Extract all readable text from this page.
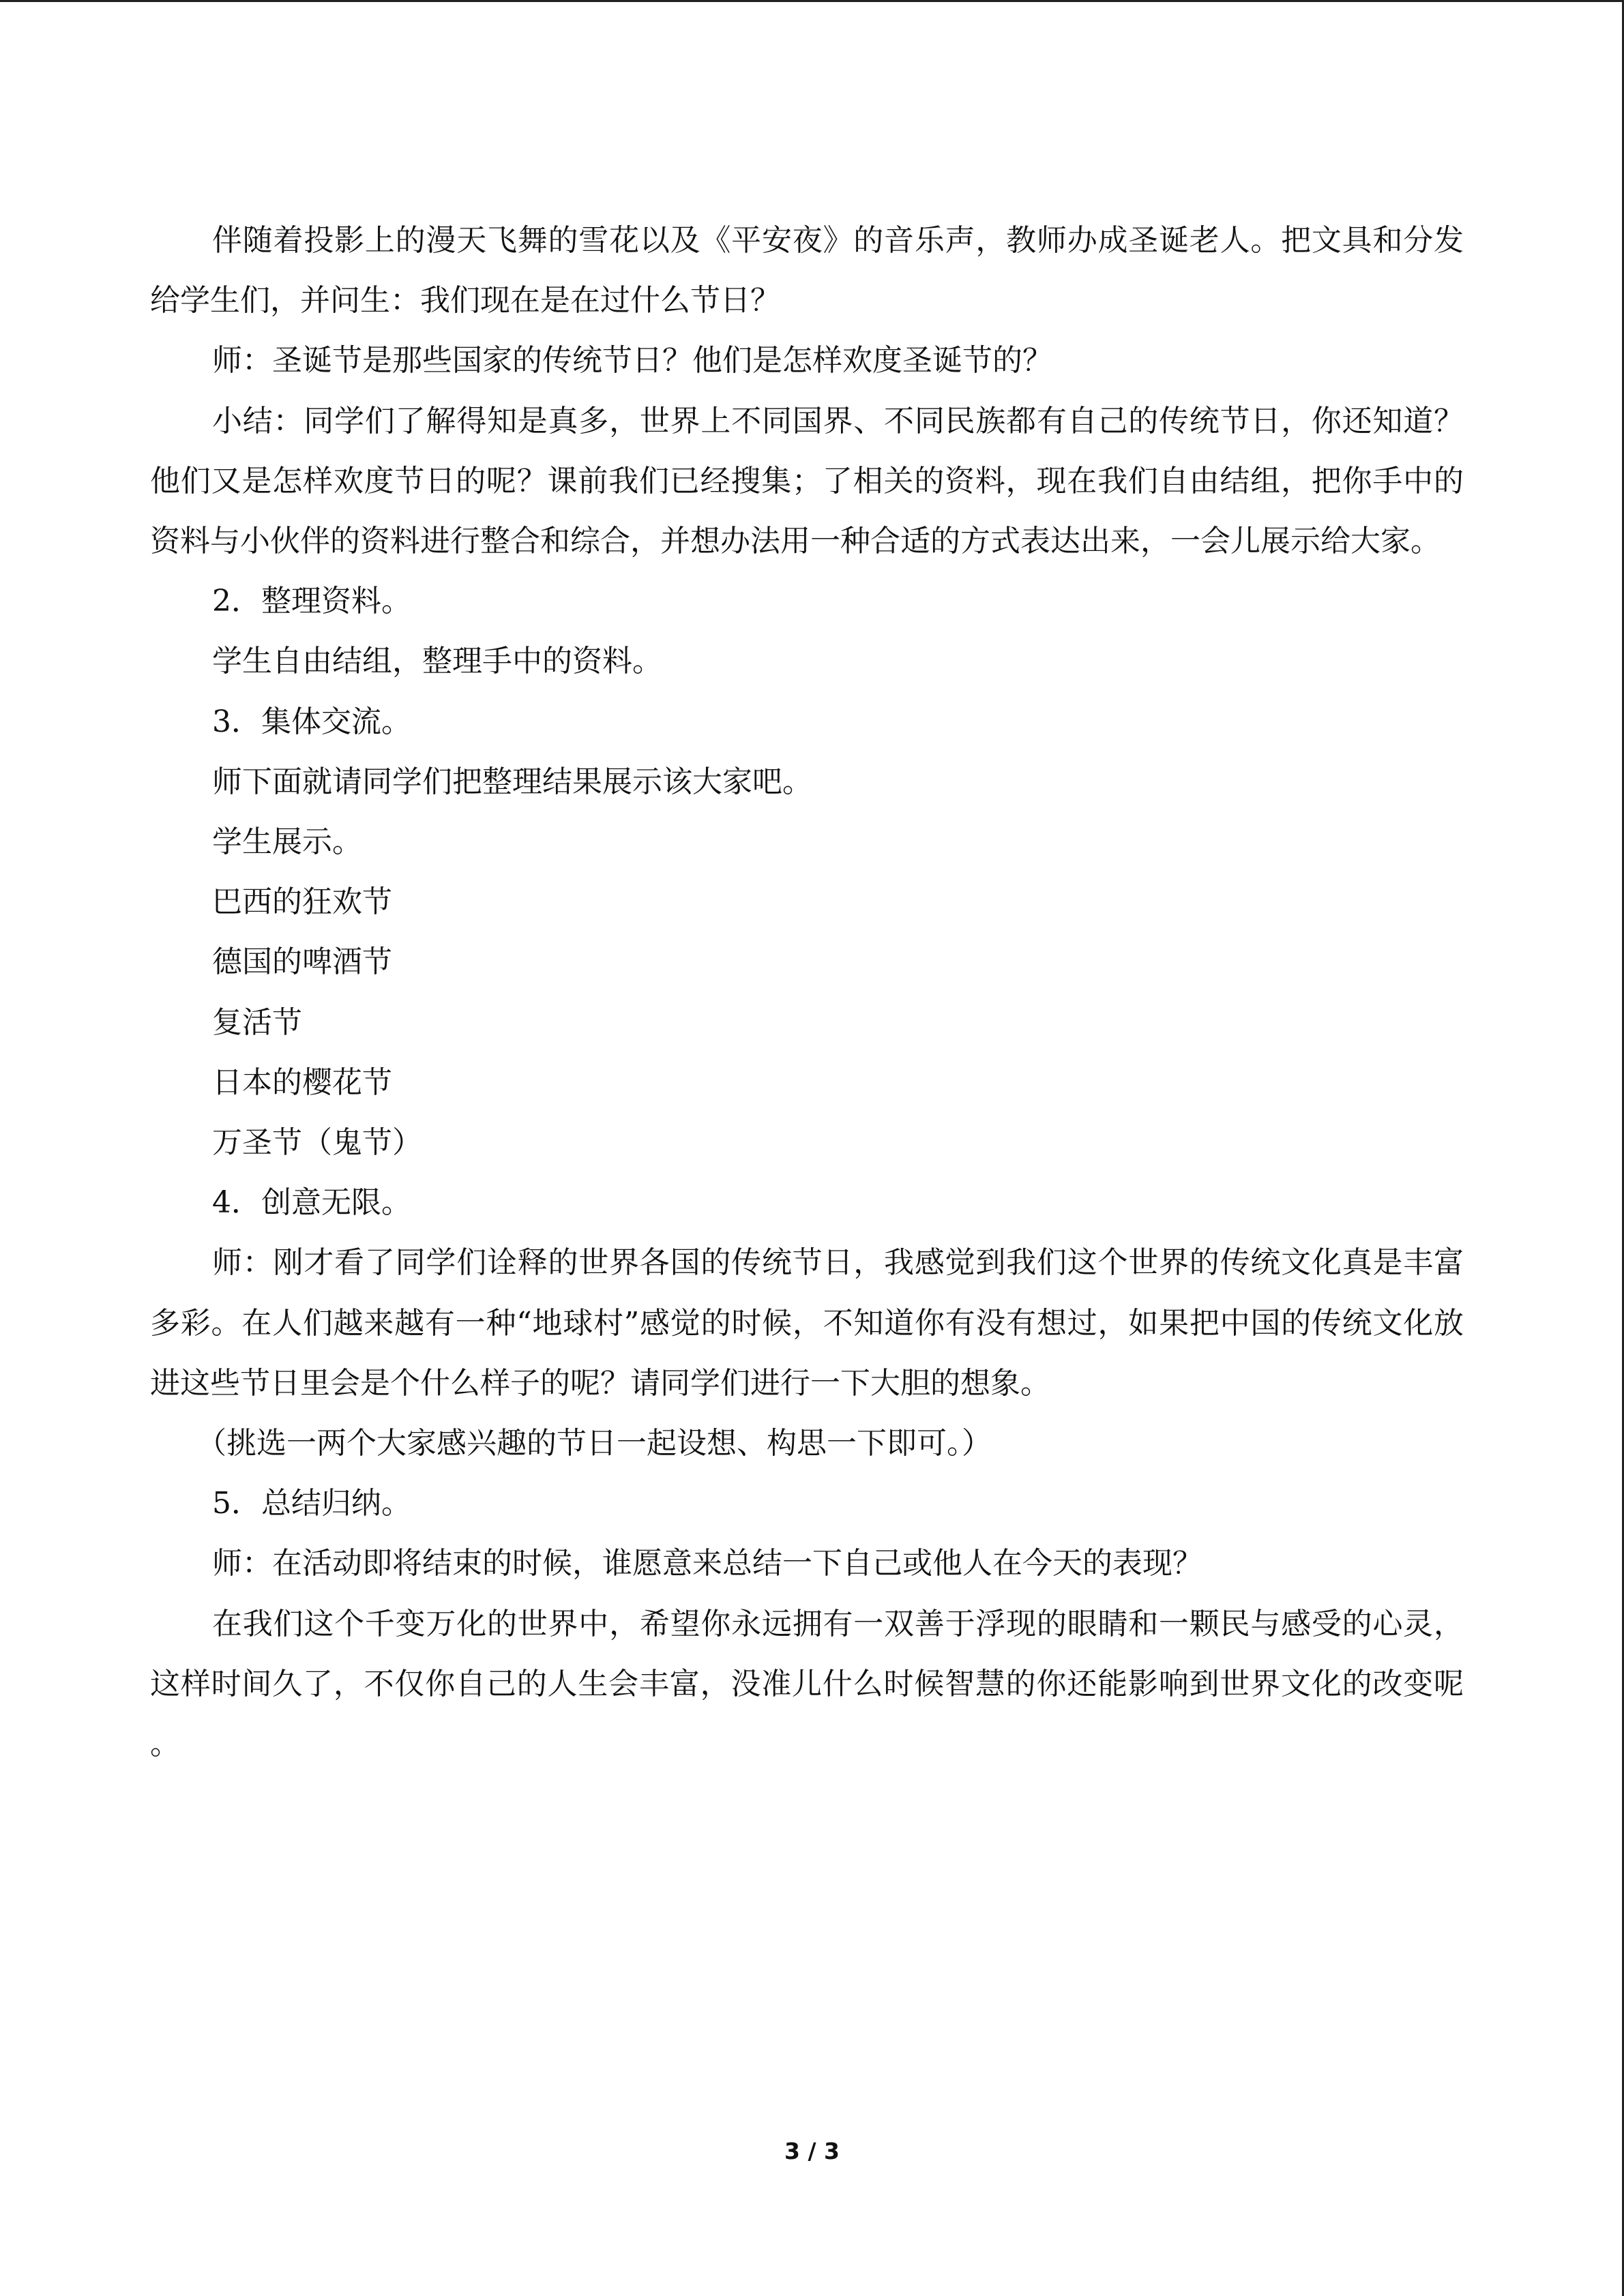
伴随着投影上的漫天飞舞的雪花以及《平安夜》的音乐声，教师办成圣诞老人。把文具和分发给学生们，并问生：我们现在是在过什么节日？

师：圣诞节是那些国家的传统节日？他们是怎样欢度圣诞节的？

小结：同学们了解得知是真多，世界上不同国界、不同民族都有自己的传统节日，你还知道？他们又是怎样欢度节日的呢？课前我们已经搜集；了相关的资料，现在我们自由结组，把你手中的资料与小伙伴的资料进行整合和综合，并想办法用一种合适的方式表达出来，一会儿展示给大家。

2．整理资料。

学生自由结组，整理手中的资料。

3．集体交流。

师下面就请同学们把整理结果展示该大家吧。

学生展示。

巴西的狂欢节

德国的啤酒节

复活节

日本的樱花节

万圣节（鬼节）

4．创意无限。

师：刚才看了同学们诠释的世界各国的传统节日，我感觉到我们这个世界的传统文化真是丰富多彩。在人们越来越有一种“地球村”感觉的时候，不知道你有没有想过，如果把中国的传统文化放进这些节日里会是个什么样子的呢？请同学们进行一下大胆的想象。

（挑选一两个大家感兴趣的节日一起设想、构思一下即可。）

5．总结归纳。

师：在活动即将结束的时候，谁愿意来总结一下自己或他人在今天的表现？

在我们这个千变万化的世界中，希望你永远拥有一双善于浮现的眼睛和一颗民与感受的心灵，这样时间久了，不仅你自己的人生会丰富，没准儿什么时候智慧的你还能影响到世界文化的改变呢。

3 / 3
